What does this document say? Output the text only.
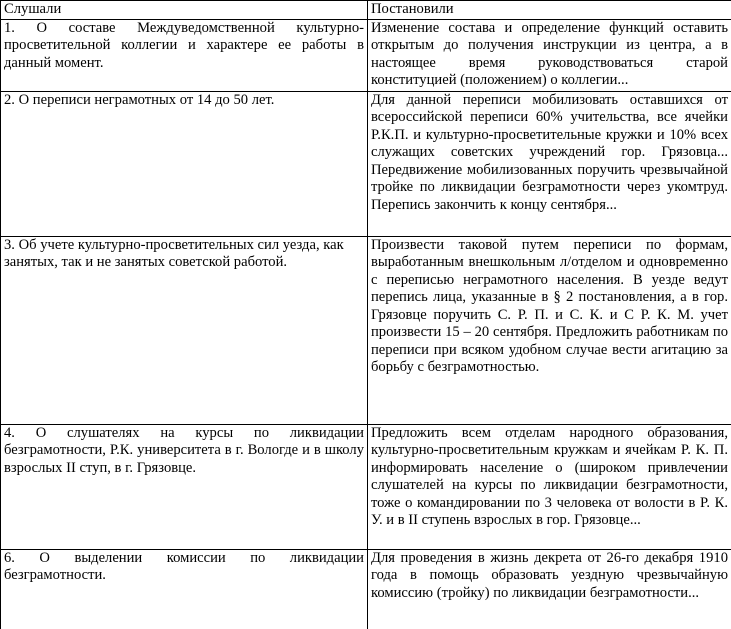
Слушали	Постановили

1. О составе Междуведомственной культурно-просветительной коллегии и характере ее работы в данный момент.	Изменение состава и определение функций оставить открытым до получения инструкции из центра, а в настоящее время руководствоваться старой конституцией (положением) о коллегии...

2. О переписи неграмотных от 14 до 50 лет.	Для данной переписи мобилизовать оставшихся от всероссийской переписи 60% учительства, все ячейки Р.К.П. и культурно-просветительные кружки и 10% всех служащих советских учреждений гор. Грязовца... Передвижение мобилизованных поручить чрезвычайной тройке по ликвидации безграмотности через укомтруд. Перепись закончить к концу сентября...

3. Об учете культурно-просветительных сил уезда, как занятых, так и не занятых советской работой.	Произвести таковой путем переписи по формам, выработанным внешкольным л/отделом и одновременно с переписью неграмотного населения. В уезде ведут перепись лица, указанные в § 2 постановления, а в гор. Грязовце поручить С. Р. П. и С. К. и С Р. К. М. учет произвести 15 – 20 сентября. Предложить работникам по переписи при всяком удобном случае вести агитацию за борьбу с безграмотностью.

4. О слушателях на курсы по ликвидации безграмотности, Р.К. университета в г. Вологде и в школу взрослых II ступ, в г. Грязовце.	Предложить всем отделам народного образования, культурно-просветительным кружкам и ячейкам Р. К. П. информировать население о (широком привлечении слушателей на курсы по ликвидации безграмотности, тоже о командировании по 3 человека от волости в Р. К. У. и в II ступень взрослых в гор. Грязовце...

6. О выделении комиссии по ликвидации безграмотности.	Для проведения в жизнь декрета от 26-го декабря 1910 года в помощь образовать уездную чрезвычайную комиссию (тройку) по ликвидации безграмотности...
